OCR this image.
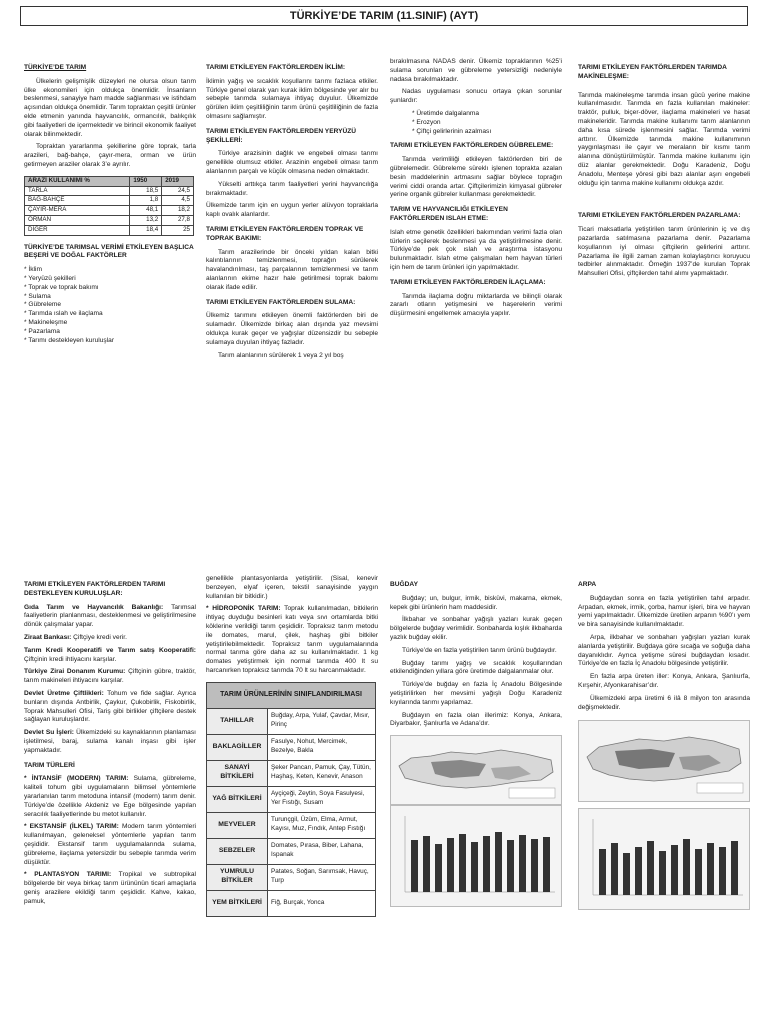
TÜRKİYE’DE TARIM (11.SINIF) (AYT)
TÜRKİYE’DE TARIM

Ülkelerin gelişmişlik düzeyleri ne olursa olsun tarım ülke ekonomileri için oldukça önemlidir. İnsanların beslenmesi, sanayiye ham madde sağlanması ve istihdam açısından oldukça önemlidir. Tarım topraktan çeşitli ürünler elde etmenin yanında hayvancılık, ormancılık, balıkçılık gibi faaliyetleri de içermektedir ve birincil ekonomik faaliyet olarak bilinmektedir.

Topraktan yararlanma şekillerine göre toprak, tarla arazileri, bağ-bahçe, çayır-mera, orman ve ürün getirmeyen araziler olarak 3’e ayrılır.

ARAZİ KULLANIMI %	1950	2019
TARLA	18,5	24,5
BAĞ-BAHÇE	1,8	4,5
ÇAYIR-MERA	48,1	18,2
ORMAN	13,2	27,8
DİĞER	18,4	25
TÜRKİYE’DE TARIMSAL VERİMİ ETKİLEYEN BAŞLICA BEŞERİ VE DOĞAL FAKTÖRLER
* İklim
* Yeryüzü şekilleri
* Toprak ve toprak bakımı
* Sulama
* Gübreleme
* Tarımda ıslah ve ilaçlama
* Makineleşme
* Pazarlama
* Tarımı destekleyen kuruluşlar
TARIMI ETKİLEYEN FAKTÖRLERDEN İKLİM:

İklimin yağış ve sıcaklık koşullarını tarımı fazlaca etkiler. Türkiye genel olarak yarı kurak iklim bölgesinde yer alır bu sebeple tarımda sulamaya ihtiyaç duyulur. Ülkemizde görülen iklim çeşitliliğinin tarım ürünü çeşitliliğinin de fazla olmasını sağlamıştır.

TARIMI ETKİLEYEN FAKTÖRLERDEN YERYÜZÜ ŞEKİLLERİ:

Türkiye arazisinin dağlık ve engebeli olması tarımı genellikle olumsuz etkiler. Arazinin engebeli olması tarım alanlarının parçalı ve küçük olmasına neden olmaktadır.

Yükselti arttıkça tarım faaliyetleri yerini hayvancılığa bırakmaktadır.

Ülkemizde tarım için en uygun yerler alüvyon topraklarla kaplı ovalık alanlardır.

TARIMI ETKİLEYEN FAKTÖRLERDEN TOPRAK VE TOPRAK BAKIMI:

Tarım arazilerinde bir önceki yıldan kalan bitki kalıntılarının temizlenmesi, toprağın sürülerek havalandırılması, taş parçalarının temizlenmesi ve tarım alanlarının ekime hazır hale getirilmesi toprak bakımı olarak ifade edilir.

TARIMI ETKİLEYEN FAKTÖRLERDEN SULAMA:

Ülkemiz tarımını etkileyen önemli faktörlerden biri de sulamadır. Ülkemizde birkaç alan dışında yaz mevsimi oldukça kurak geçer ve yağışlar düzensizdir bu sebeple sulamaya duyulan ihtiyaç fazladır.

Tarım alanlarının sürülerek 1 veya 2 yıl boş

bırakılmasına NADAS denir. Ülkemiz topraklarının %25’i sulama sorunları ve gübreleme yetersizliği nedeniyle nadasa bırakılmaktadır.

Nadas uygulaması sonucu ortaya çıkan sorunlar şunlardır:

* Üretimde dalgalanma
* Erozyon
* Çiftçi gelirlerinin azalması
TARIMI ETKİLEYEN FAKTÖRLERDEN GÜBRELEME:

Tarımda verimliliği etkileyen faktörlerden biri de gübrelemedir. Gübreleme süreklı işlenen toprakta azalan besin maddelerinin artmasını sağlar böylece toprağın verimi ciddi oranda artar. Çiftçilerimizin kimyasal gübreler yerine organik gübreler kullanması gerekmektedir.

TARIM VE HAYVANCILIĞI ETKİLEYEN FAKTÖRLERDEN ISLAH ETME:

Islah etme genetik özellikleri bakımından verimi fazla olan türlerin seçilerek beslenmesi ya da yetiştirilmesine denir. Türkiye’de pek çok ıslah ve araştırma istasyonu bulunmaktadır. Islah etme çalışmaları hem hayvan türleri için hem de tarım ürünleri için yapılmaktadır.

TARIMI ETKİLEYEN FAKTÖRLERDEN İLAÇLAMA:

Tarımda ilaçlama doğru miktarlarda ve bilinçli olarak zararlı otların yetişmesini ve haşerelerin verimi düşürmesini engellemek amacıyla yapılır.

TARIMI ETKİLEYEN FAKTÖRLERDEN TARIMDA MAKİNELEŞME:

Tarımda makineleşme tarımda insan gücü yerine makine kullanılmasıdır. Tarımda en fazla kullanılan makineler: traktör, pulluk, biçer-döver, ilaçlama makineleri ve hasat makineleridir. Tarımda makine kullanımı tarım alanlarının daha kısa sürede işlenmesini sağlar. Tarımda verimi arttırır. Ülkemizde tarımda makine kullanımının yaygınlaşması ile çayır ve meraların bir kısmı tarım alanına dönüştürülmüştür. Tarımda makine kullanımı için düz alanlar gerekmektedir. Doğu Karadeniz, Doğu Anadolu, Menteşe yöresi gibi bazı alanlar aşırı engebeli olduğu için tarıma makine kullanımı oldukça azdır.

TARIMI ETKİLEYEN FAKTÖRLERDEN PAZARLAMA:

Ticari maksatlarla yetiştirilen tarım ürünlerinin iç ve dış pazarlarda satılmasına pazarlama denir. Pazarlama koşullarının iyi olması çiftçilerin gelirlerini arttırır. Pazarlama ile ilgili zaman zaman kolaylaştırıcı koruyucu tedbirler alınmaktadır. Örneğin 1937’de kurulan Toprak Mahsulleri Ofisi, çiftçilerden tahıl alımı yapmaktadır.

TARIMI ETKİLEYEN FAKTÖRLERDEN TARIMI DESTEKLEYEN KURULUŞLAR:

Gıda Tarım ve Hayvancılık Bakanlığı: Tarımsal faaliyetlerin planlanması, desteklenmesi ve geliştirilmesine dönük çalışmalar yapar.

Ziraat Bankası: Çiftçiye kredi verir.

Tarım Kredi Kooperatifi ve Tarım satış Kooperatifi: Çiftçinin kredi ihtiyacını karşılar.

Türkiye Zirai Donanım Kurumu: Çiftçinin gübre, traktör, tarım makineleri ihtiyacını karşılar.

Devlet Üretme Çiftlikleri: Tohum ve fide sağlar. Ayrıca bunların dışında Antbirlik, Çaykur, Çukobirlik, Fiskobirlik, Toprak Mahsulleri Ofisi, Tariş gibi birlikler çiftçilere destek sağlayan kuruluşlardır.

Devlet Su İşleri: Ülkemizdeki su kaynaklarının planlaması işletilmesi, baraj, sulama kanalı inşası gibi işler yapmaktadır.

TARIM TÜRLERİ

* İNTANSİF (MODERN) TARIM: Sulama, gübreleme, kaliteli tohum gibi uygulamaların bilimsel yöntemlerle yararlanılan tarım metoduna intansif (modern) tarım denir. Türkiye’de özellikle Akdeniz ve Ege bölgesinde yapılan seracılık faaliyetlerinde bu metot kullanılır.

* EKSTANSİF (İLKEL) TARIM: Modern tarım yöntemleri kullanılmayan, geleneksel yöntemlerle yapılan tarım çeşididir. Ekstansif tarım uygulamalarında sulama, gübreleme, ilaçlama yetersizdir bu sebeple tarımda verim düşüktür.

* PLANTASYON TARIMI: Tropikal ve subtropikal bölgelerde bir veya birkaç tarım ürününün ticari amaçlarla geniş arazilere ekildiği tarım çeşididir. Kahve, kakao, pamuk,

genellikle plantasyonlarda yetiştirilir. (Sisal, kenevir benzeyen, elyaf içeren, tekstil sanayisinde yaygın kullanılan bir bitkidir.)

* HİDROPONİK TARIM: Toprak kullanılmadan, bitkilerin ihtiyaç duyduğu besinleri katı veya sıvı ortamlarda bitki köklerine verildiği tarım çeşididir. Topraksız tarım metodu ile domates, marul, çilek, haşhaş gibi bitkiler yetiştirilebilmektedir. Topraksız tarım uygulamalarında normal tarıma göre daha az su kullanılmaktadır. 1 kg domates yetiştirmek için normal tarımda 400 lt su harcanırken topraksız tarımda 70 lt su harcanmaktadır.

TARIM ÜRÜNLERİNİN SINIFLANDIRILMASI	
TAHILLAR	Buğday, Arpa, Yulaf, Çavdar, Mısır, Pirinç
BAKLAGİLLER	Fasulye, Nohut, Mercimek, Bezelye, Bakla
SANAYİ BİTKİLERİ	Şeker Pancarı, Pamuk, Çay, Tütün, Haşhaş, Keten, Kenevir, Anason
YAĞ BİTKİLERİ	Ayçiçeği, Zeytin, Soya Fasulyesi, Yer Fıstığı, Susam
MEYVELER	Turunçgil, Üzüm, Elma, Armut, Kayısı, Muz, Fındık, Antep Fıstığı
SEBZELER	Domates, Pırasa, Biber, Lahana, Ispanak
YUMRULU BİTKİLER	Patates, Soğan, Sarımsak, Havuç, Turp
YEM BİTKİLERİ	Fiğ, Burçak, Yonca
BUĞDAY

Buğday; un, bulgur, irmik, bisküvi, makarna, ekmek, kepek gibi ürünlerin ham maddesidir.

İlkbahar ve sonbahar yağışlı yazları kurak geçen bölgelerde buğday verimlidir. Sonbaharda kışlık ilkbaharda yazlık buğday ekilir.

Türkiye’de en fazla yetiştirilen tarım ürünü buğdaydır.

Buğday tarımı yağış ve sıcaklık koşullarından etkilendiğinden yıllara göre üretimde dalgalanmalar olur.

Türkiye’de buğday en fazla İç Anadolu Bölgesinde yetiştirilirken her mevsimi yağışlı Doğu Karadeniz kıyılarında tarımı yapılamaz.

Buğdayın en fazla olan illerimiz: Konya, Ankara, Diyarbakır, Şanlıurfa ve Adana’dır.

ARPA

Buğdaydan sonra en fazla yetiştirilen tahıl arpadır. Arpadan, ekmek, irmik, çorba, hamur işleri, bira ve hayvan yemi yapılmaktadır. Ülkemizde üretilen arpanın %90’ı yem ve bira sanayisinde kullanılmaktadır.

Arpa, ilkbahar ve sonbaharı yağışları yazları kurak alanlarda yetiştirilir. Buğdaya göre sıcağa ve soğuğa daha dayanıklıdır. Ayrıca yetişme süresi buğdaydan kısadır. Türkiye’de en fazla İç Anadolu bölgesinde yetiştirilir.

En fazla arpa üreten iller: Konya, Ankara, Şanlıurfa, Kırşehir, Afyonkarahisar’dır.

Ülkemizdeki arpa üretimi 6 ilâ 8 milyon ton arasında değişmektedir.
